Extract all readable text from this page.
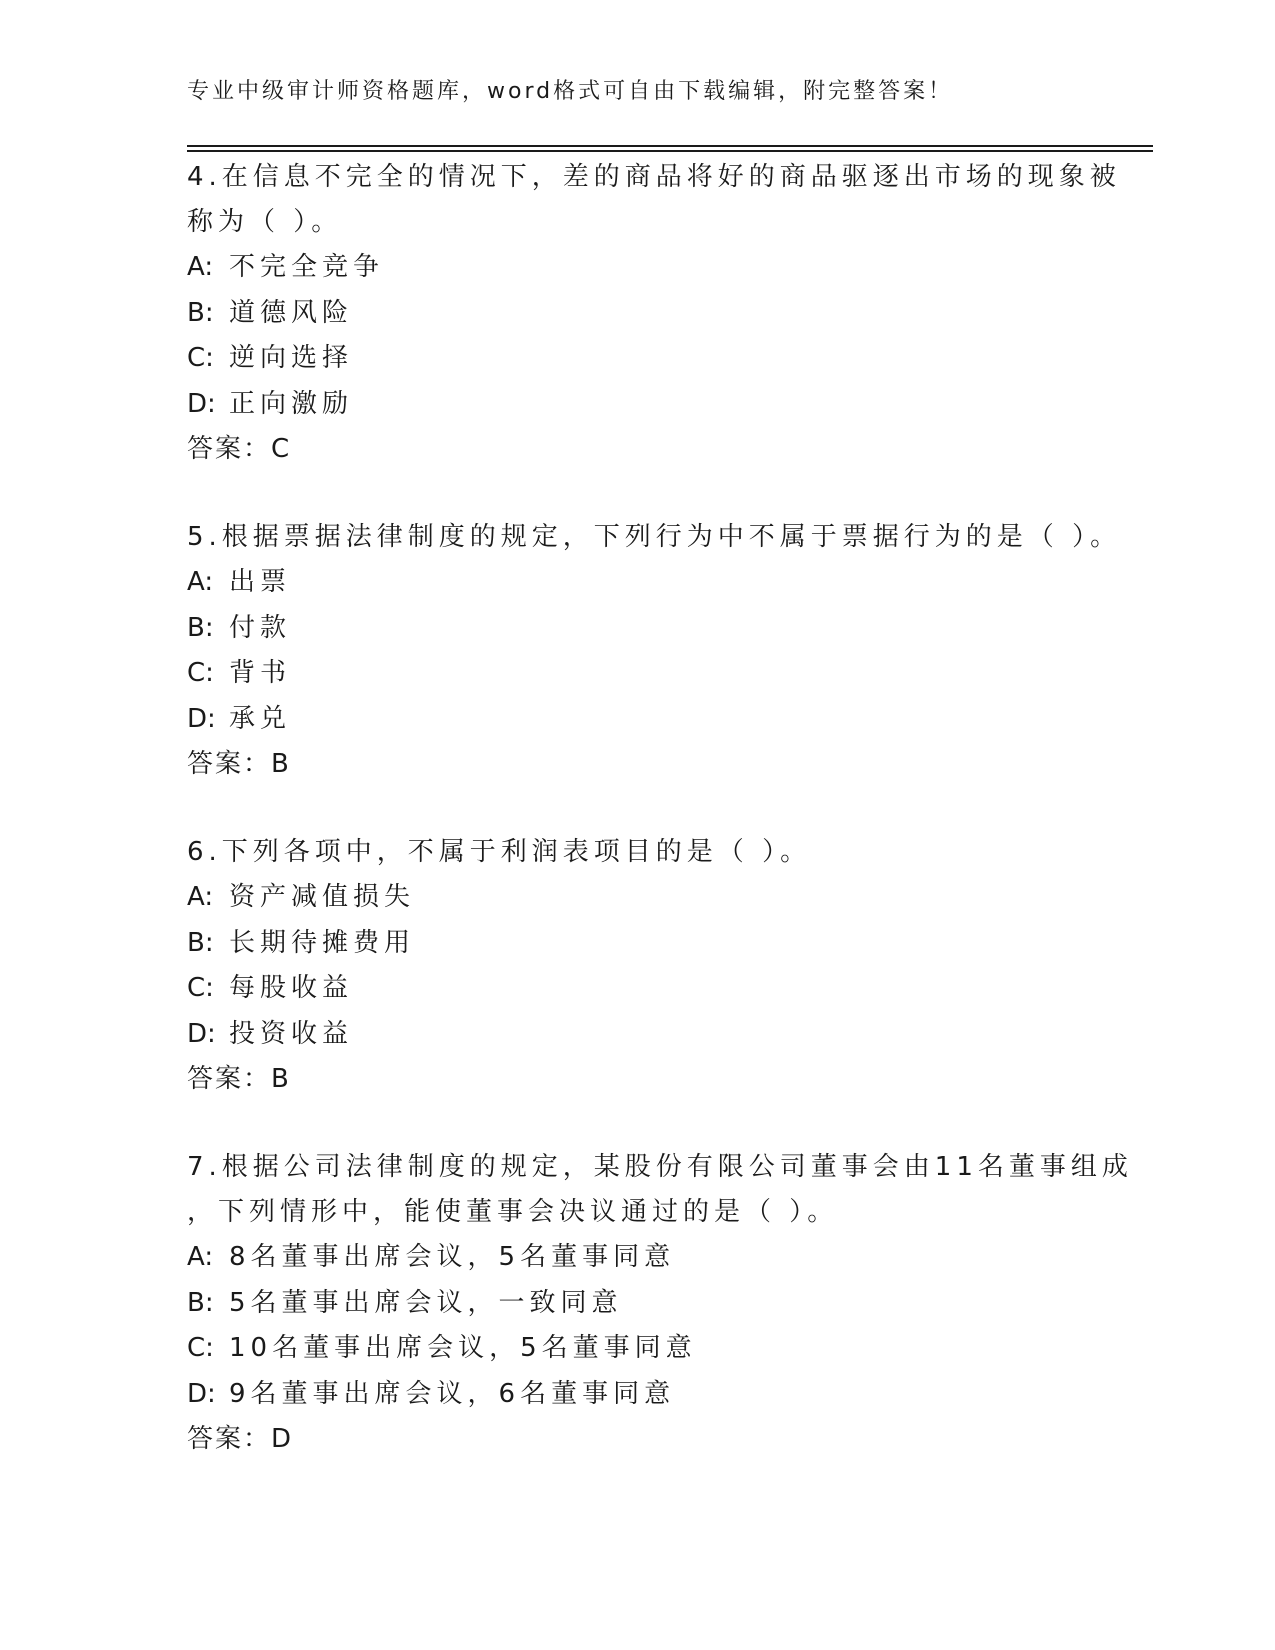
专业中级审计师资格题库，word格式可自由下载编辑，附完整答案！
4.在信息不完全的情况下，差的商品将好的商品驱逐出市场的现象被
称为（ ）。
A: 不完全竞争
B: 道德风险
C: 逆向选择
D: 正向激励
答案：C
5.根据票据法律制度的规定，下列行为中不属于票据行为的是（ ）。
A: 出票
B: 付款
C: 背书
D: 承兑
答案：B
6.下列各项中，不属于利润表项目的是（ ）。
A: 资产减值损失
B: 长期待摊费用
C: 每股收益
D: 投资收益
答案：B
7.根据公司法律制度的规定，某股份有限公司董事会由11名董事组成
，下列情形中，能使董事会决议通过的是（ ）。
A: 8名董事出席会议，5名董事同意
B: 5名董事出席会议，一致同意
C: 10名董事出席会议，5名董事同意
D: 9名董事出席会议，6名董事同意
答案：D
